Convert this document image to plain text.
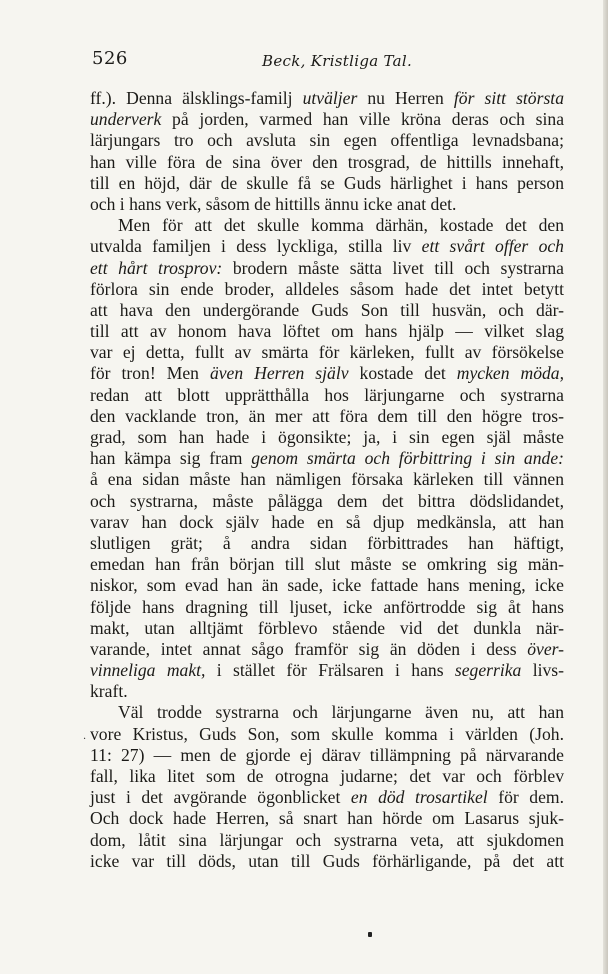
526	Beck, Kristliga Tal.
ff.). Denna älsklings-familj utväljer nu Herren för sitt största
underverk på jorden, varmed han ville kröna deras och sina
lärjungars tro och avsluta sin egen offentliga levnadsbana;
han ville föra de sina över den trosgrad, de hittills innehaft,
till en höjd, där de skulle få se Guds härlighet i hans person
och i hans verk, såsom de hittills ännu icke anat det.
Men för att det skulle komma därhän, kostade det den
utvalda familjen i dess lyckliga, stilla liv ett svårt offer och
ett hårt trosprov: brodern måste sätta livet till och systrarna
förlora sin ende broder, alldeles såsom hade det intet betytt
att hava den undergörande Guds Son till husvän, och där-
till att av honom hava löftet om hans hjälp — vilket slag
var ej detta, fullt av smärta för kärleken, fullt av försökelse
för tron! Men även Herren själv kostade det mycken möda,
redan att blott upprätthålla hos lärjungarne och systrarna
den vacklande tron, än mer att föra dem till den högre tros-
grad, som han hade i ögonsikte; ja, i sin egen själ måste
han kämpa sig fram genom smärta och förbittring i sin ande:
å ena sidan måste han nämligen försaka kärleken till vännen
och systrarna, måste pålägga dem det bittra dödslidandet,
varav han dock själv hade en så djup medkänsla, att han
slutligen grät; å andra sidan förbittrades han häftigt,
emedan han från början till slut måste se omkring sig män-
niskor, som evad han än sade, icke fattade hans mening, icke
följde hans dragning till ljuset, icke anförtrodde sig åt hans
makt, utan alltjämt förblevo stående vid det dunkla när-
varande, intet annat sågo framför sig än döden i dess över-
vinneliga makt, i stället för Frälsaren i hans segerrika livs-
kraft.
Väl trodde systrarna och lärjungarne även nu, att han
vore Kristus, Guds Son, som skulle komma i världen (Joh.
11: 27) — men de gjorde ej därav tillämpning på närvarande
fall, lika litet som de otrogna judarne; det var och förblev
just i det avgörande ögonblicket en död trosartikel för dem.
Och dock hade Herren, så snart han hörde om Lasarus sjuk-
dom, låtit sina lärjungar och systrarna veta, att sjukdomen
icke var till döds, utan till Guds förhärligande, på det att
·
